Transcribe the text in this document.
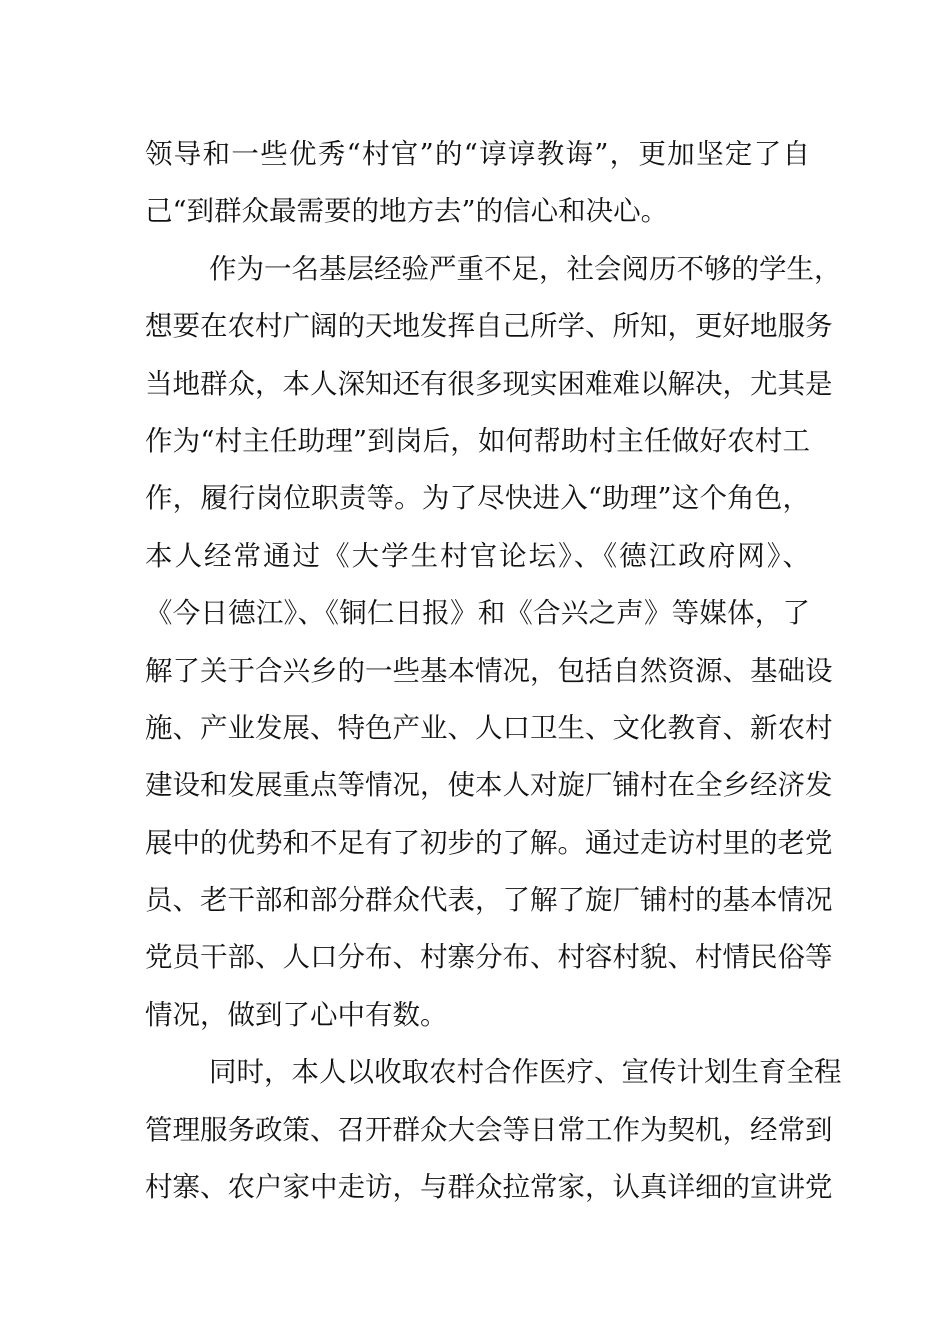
领导和一些优秀“村官”的“谆谆教诲”，更加坚定了自
己“到群众最需要的地方去”的信心和决心。
作为一名基层经验严重不足，社会阅历不够的学生，
想要在农村广阔的天地发挥自己所学、所知，更好地服务
当地群众，本人深知还有很多现实困难难以解决，尤其是
作为“村主任助理”到岗后，如何帮助村主任做好农村工
作，履行岗位职责等。为了尽快进入“助理”这个角色，
本人经常通过《大学生村官论坛》、《德江政府网》、
《今日德江》、《铜仁日报》和《合兴之声》等媒体，了
解了关于合兴乡的一些基本情况，包括自然资源、基础设
施、产业发展、特色产业、人口卫生、文化教育、新农村
建设和发展重点等情况，使本人对旋厂铺村在全乡经济发
展中的优势和不足有了初步的了解。通过走访村里的老党
员、老干部和部分群众代表，了解了旋厂铺村的基本情况
党员干部、人口分布、村寨分布、村容村貌、村情民俗等
情况，做到了心中有数。
同时，本人以收取农村合作医疗、宣传计划生育全程
管理服务政策、召开群众大会等日常工作为契机，经常到
村寨、农户家中走访，与群众拉常家，认真详细的宣讲党
